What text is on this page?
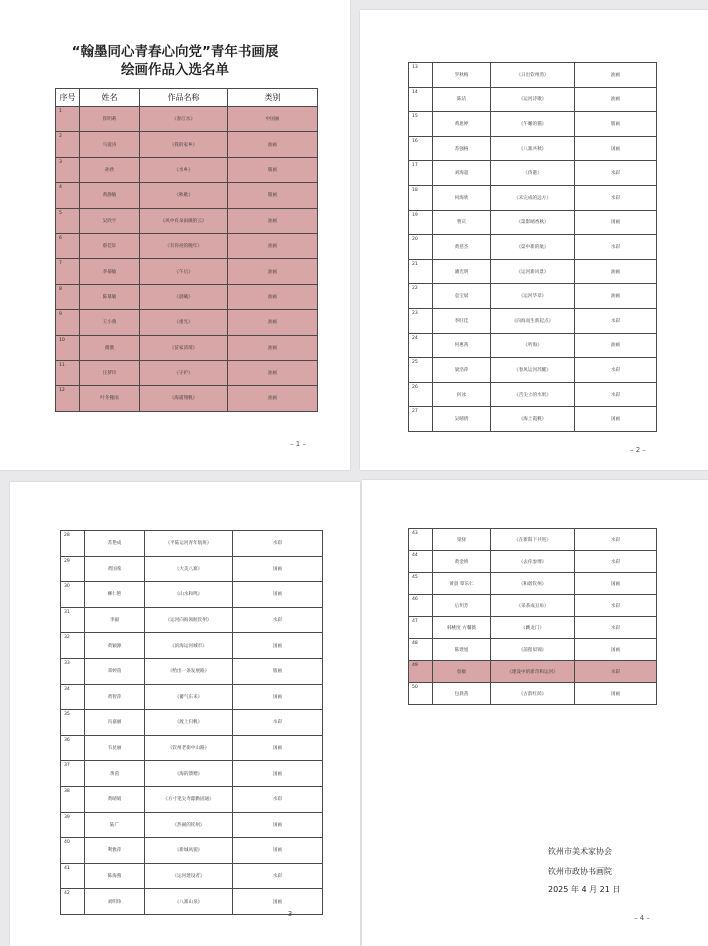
“翰墨同心青春心向党”青年书画展
绘画作品入选名单
序号	姓名	作品名称	类别
1	崔明莉	《春江水》	中国画
2	马爱涛	《我的家乡》	油画
3	孙欣	《水乡》	版画
4	黄静敏	《秋歌》	版画
5	吴欣宇	《风中有朵雨做的云》	油画
6	蔡佳轩	《有你亮的晚年》	油画
7	李菊敏	《午后》	油画
8	陈慕敏	《晨曦》	油画
9	王小燕	《重光》	油画
10	薇薇	《苗家清境》	油画
11	汪梦玲	《守护》	油画
12	叶冬槿雨	《海浦翔帆》	油画
– 1 –
13	罗秋梅	《日出钦州湾》	油画
14	陈洁	《运河诗歌》	油画
15	黄思婷	《午睡的猫》	版画
16	苏强格	《八寨共秋》	国画
17	刘海超	《侨港》	水彩
18	何海欣	《未完成的远方》	水彩
19	曹庆	《渠影晴香秋》	国画
20	黄慈杰	《渠中新的航》	水彩
21	潘光明	《运河新风景》	油画
22	袁宝斌	《运河华章》	油画
23	李旺佳	《向海而生新起点》	水彩
24	何惠茜	《听海》	油画
25	梁浩萍	《春风运河苏醒》	水彩
26	何冰	《舌尖上的水果》	水彩
27	吴晴倩	《海上霞帆》	国画
– 2 –
28	苏艳成	《平陆运河青年航班》	水彩
29	黄国希	《大美八寨》	国画
30	柳仁艳	《山水和鸣》	国画
31	李毅	《运河向海领航钦州》	水彩
32	黄颖源	《滨海运河城市》	国画
33	邓婷茵	《给出一条发展路》	版画
34	黄智萍	《蓄气东来》	国画
35	冯嘉丽	《渡上归帆》	水彩
36	韦昆丽	《钦州老街中山路》	国画
37	黄茵	《海的馈赠》	国画
38	黄晴娟	《方寸笔尖寿邸勤固通》	水彩
39	陆广	《热闹的钦州》	国画
40	利雅萍	《新城风貌》	国画
41	陈海燕	《运河建设者》	水彩
42	刘明珍	《八寨山泉》	国画
– 3 –
43	梁驿	《在新阳下共进》	水彩
44	黄金娇	《去你参博》	水彩
45	黄晨 覃乐仁	《和谐钦州》	国画
46	后玥芳	《采茶成丑角》	水彩
47	韩桃度 方馨薇	《跳龙门》	水彩
48	陈建旭	《前程似锦》	国画
49	詹敏	《建设中的新奇和运河》	水彩
50	包晨茜	《古韵红荫》	国画
钦州市美术家协会
钦州市政协书画院
2025 年 4 月 21 日
– 4 –
